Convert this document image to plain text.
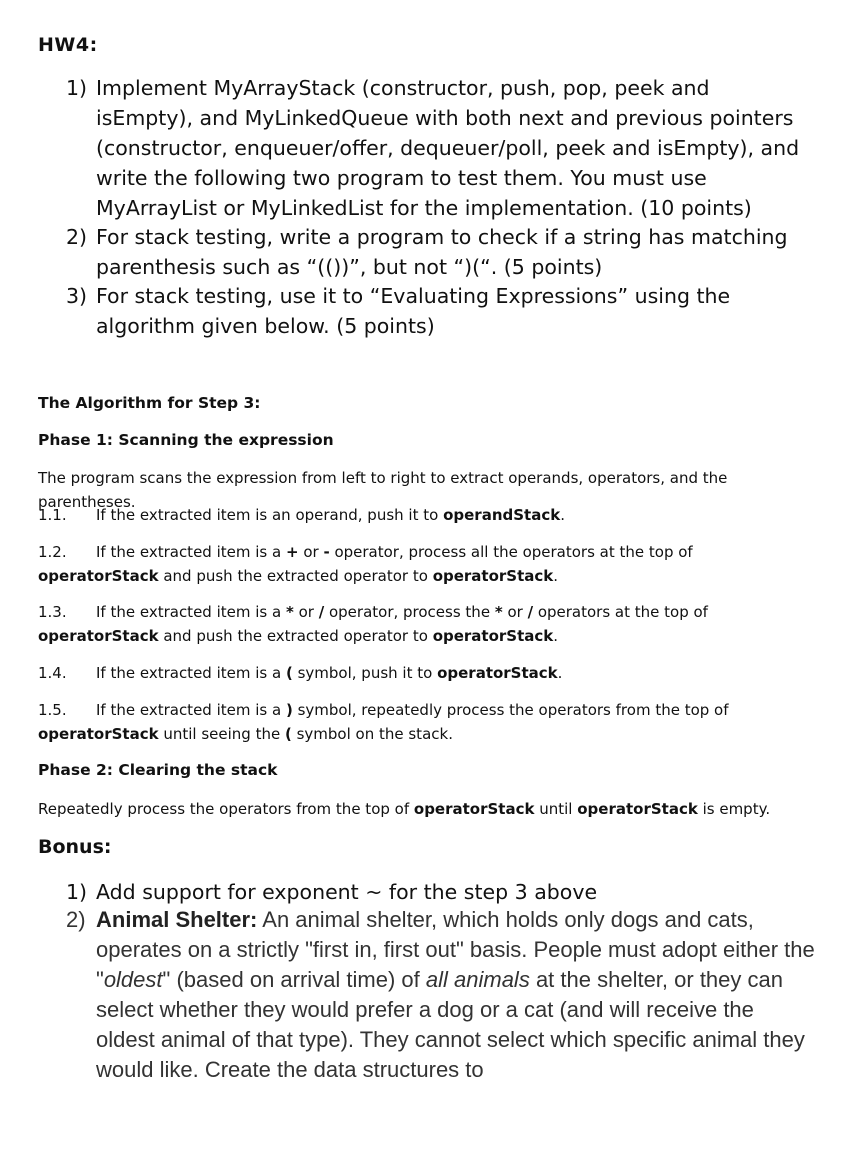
HW4:
1) Implement MyArrayStack (constructor, push, pop, peek and isEmpty), and MyLinkedQueue with both next and previous pointers (constructor, enqueuer/offer, dequeuer/poll, peek and isEmpty), and write the following two program to test them. You must use MyArrayList or MyLinkedList for the implementation. (10 points)
2) For stack testing, write a program to check if a string has matching parenthesis such as “(())”, but not “)(“. (5 points)
3) For stack testing, use it to “Evaluating Expressions” using the algorithm given below. (5 points)
The Algorithm for Step 3:
Phase 1: Scanning the expression
The program scans the expression from left to right to extract operands, operators, and the parentheses.
1.1. If the extracted item is an operand, push it to operandStack.
1.2. If the extracted item is a + or - operator, process all the operators at the top of operatorStack and push the extracted operator to operatorStack.
1.3. If the extracted item is a * or / operator, process the * or / operators at the top of operatorStack and push the extracted operator to operatorStack.
1.4. If the extracted item is a ( symbol, push it to operatorStack.
1.5. If the extracted item is a ) symbol, repeatedly process the operators from the top of operatorStack until seeing the ( symbol on the stack.
Phase 2: Clearing the stack
Repeatedly process the operators from the top of operatorStack until operatorStack is empty.
Bonus:
1) Add support for exponent ~ for the step 3 above
2) Animal Shelter: An animal shelter, which holds only dogs and cats, operates on a strictly "first in, first out" basis. People must adopt either the "oldest" (based on arrival time) of all animals at the shelter, or they can select whether they would prefer a dog or a cat (and will receive the oldest animal of that type). They cannot select which specific animal they would like. Create the data structures to
